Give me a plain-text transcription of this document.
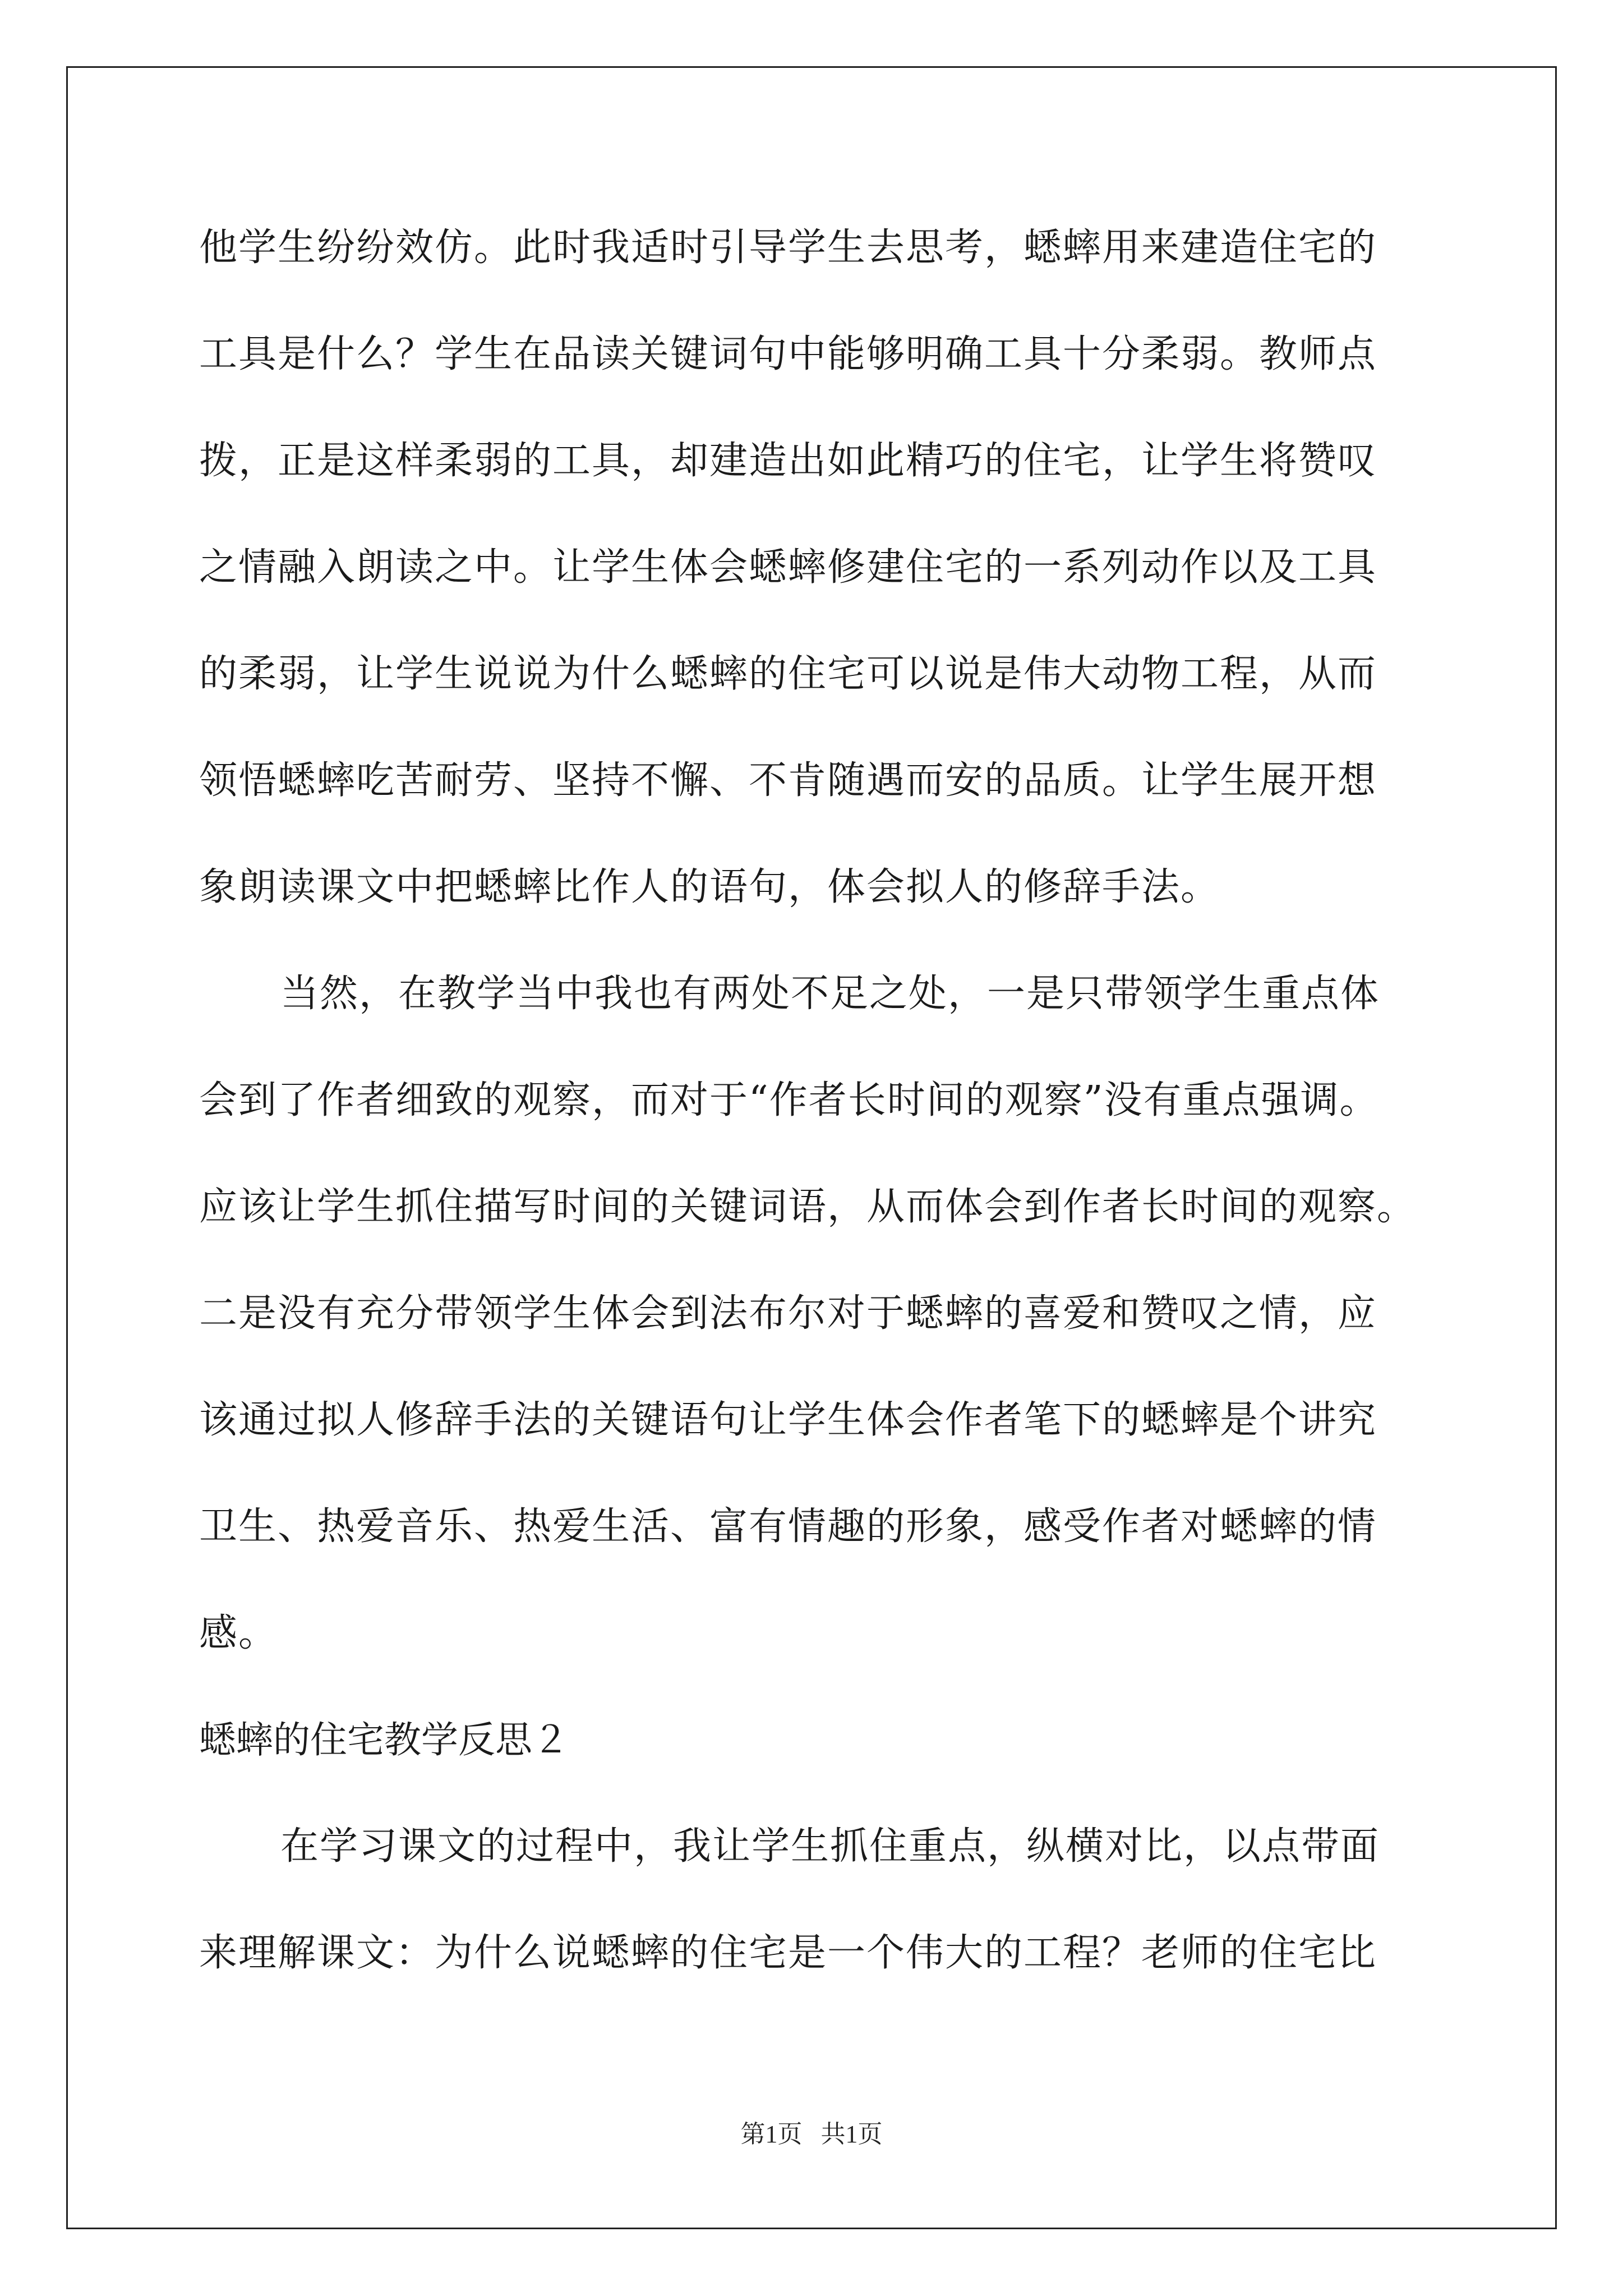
他学生纷纷效仿。此时我适时引导学生去思考，蟋蟀用来建造住宅的
工具是什么？学生在品读关键词句中能够明确工具十分柔弱。教师点
拨，正是这样柔弱的工具，却建造出如此精巧的住宅，让学生将赞叹
之情融入朗读之中。让学生体会蟋蟀修建住宅的一系列动作以及工具
的柔弱，让学生说说为什么蟋蟀的住宅可以说是伟大动物工程，从而
领悟蟋蟀吃苦耐劳、坚持不懈、不肯随遇而安的品质。让学生展开想
象朗读课文中把蟋蟀比作人的语句，体会拟人的修辞手法。
当然，在教学当中我也有两处不足之处，一是只带领学生重点体
会到了作者细致的观察，而对于“作者长时间的观察”没有重点强调。
应该让学生抓住描写时间的关键词语，从而体会到作者长时间的观察。
二是没有充分带领学生体会到法布尔对于蟋蟀的喜爱和赞叹之情，应
该通过拟人修辞手法的关键语句让学生体会作者笔下的蟋蟀是个讲究
卫生、热爱音乐、热爱生活、富有情趣的形象，感受作者对蟋蟀的情
感。
蟋蟀的住宅教学反思２
在学习课文的过程中，我让学生抓住重点，纵横对比，以点带面
来理解课文：为什么说蟋蟀的住宅是一个伟大的工程？老师的住宅比
第1页   共1页
